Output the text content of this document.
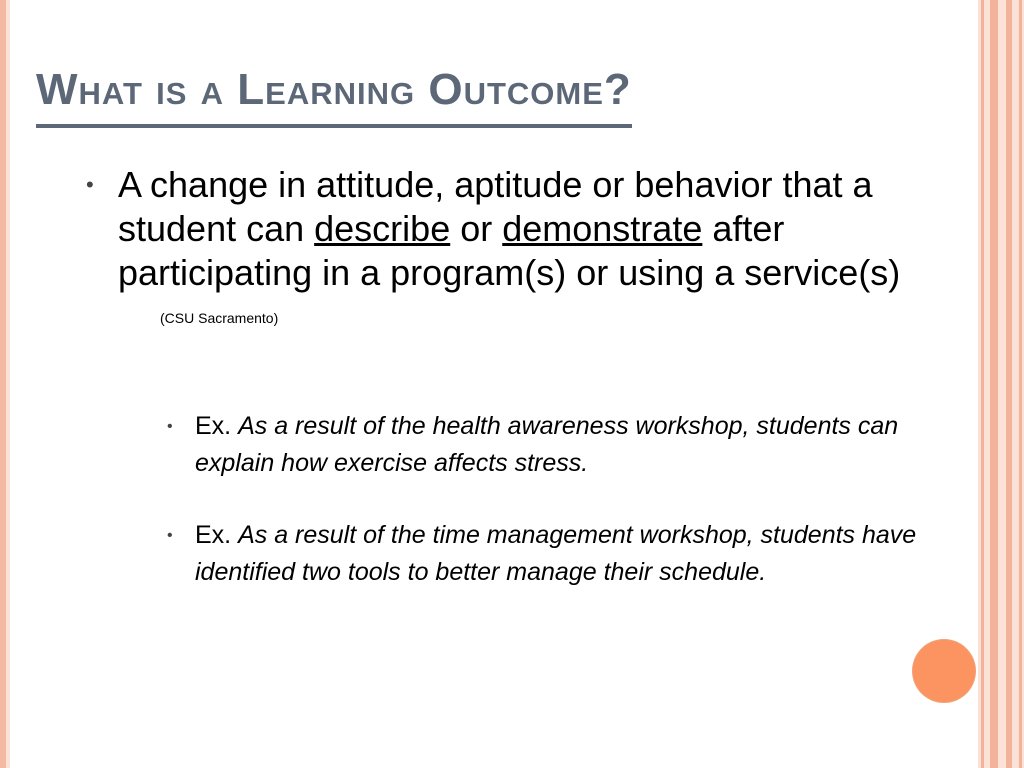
What is a Learning Outcome?
• A change in attitude, aptitude or behavior that a student can describe or demonstrate after participating in a program(s) or using a service(s)(CSU Sacramento)
• Ex. As a result of the health awareness workshop, students can explain how exercise affects stress.
• Ex. As a result of the time management workshop, students have identified two tools to better manage their schedule.
